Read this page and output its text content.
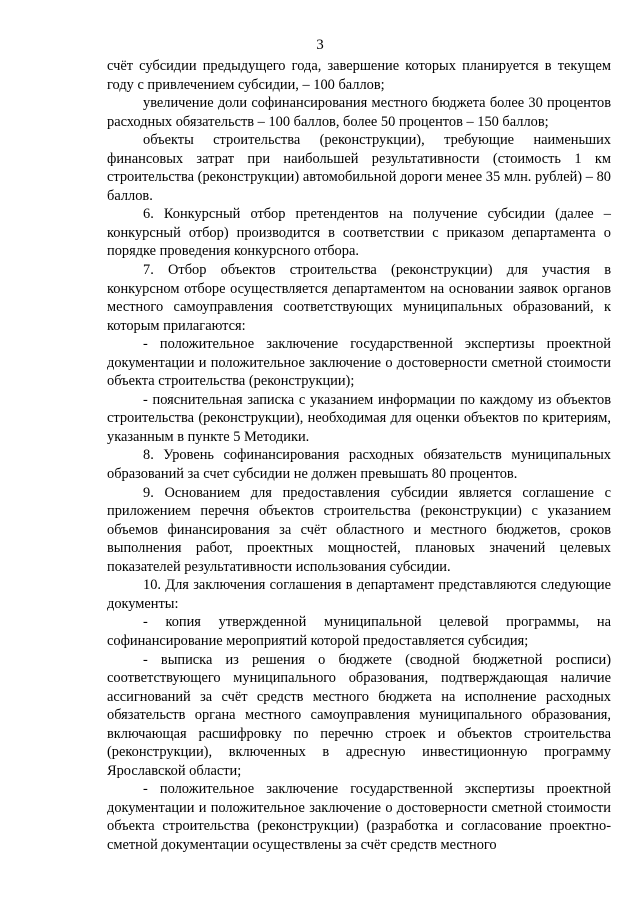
3

счёт субсидии предыдущего года, завершение которых планируется в текущем году с привлечением субсидии, – 100 баллов;

увеличение доли софинансирования местного бюджета более 30 процентов расходных обязательств – 100 баллов, более 50 процентов – 150 баллов;

объекты строительства (реконструкции), требующие наименьших финансовых затрат при наибольшей результативности (стоимость 1 км строительства (реконструкции) автомобильной дороги менее 35 млн. рублей) – 80 баллов.

6. Конкурсный отбор претендентов на получение субсидии (далее – конкурсный отбор) производится в соответствии с приказом департамента о порядке проведения конкурсного отбора.

7. Отбор объектов строительства (реконструкции) для участия в конкурсном отборе осуществляется департаментом на основании заявок органов местного самоуправления соответствующих муниципальных образований, к которым прилагаются:

- положительное заключение государственной экспертизы проектной документации и положительное заключение о достоверности сметной стоимости объекта строительства (реконструкции);

- пояснительная записка с указанием информации по каждому из объектов строительства (реконструкции), необходимая для оценки объектов по критериям, указанным в пункте 5 Методики.

8. Уровень софинансирования расходных обязательств муниципальных образований за счет субсидии не должен превышать 80 процентов.

9. Основанием для предоставления субсидии является соглашение с приложением перечня объектов строительства (реконструкции) с указанием объемов финансирования за счёт областного и местного бюджетов, сроков выполнения работ, проектных мощностей, плановых значений целевых показателей результативности использования субсидии.

10. Для заключения соглашения в департамент представляются следующие документы:

- копия утвержденной муниципальной целевой программы, на софинансирование мероприятий которой предоставляется субсидия;

- выписка из решения о бюджете (сводной бюджетной росписи) соответствующего муниципального образования, подтверждающая наличие ассигнований за счёт средств местного бюджета на исполнение расходных обязательств органа местного самоуправления муниципального образования, включающая расшифровку по перечню строек и объектов строительства (реконструкции), включенных в адресную инвестиционную программу Ярославской области;

- положительное заключение государственной экспертизы проектной документации и положительное заключение о достоверности сметной стоимости объекта строительства (реконструкции) (разработка и согласование проектно-сметной документации осуществлены за счёт средств местного
